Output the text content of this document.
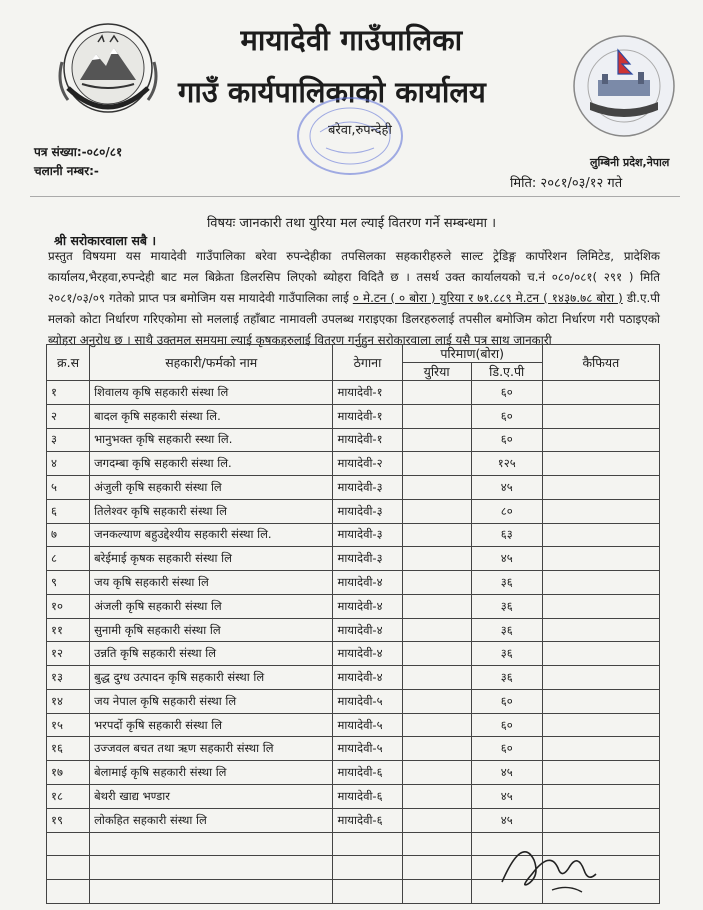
मायादेवी गाउँपालिका
गाउँ कार्यपालिकाको कार्यालय
बरेवा,रुपन्देही
पत्र संख्या:-०८०/८१
चलानी नम्बर:-
लुम्बिनी प्रदेश,नेपाल
मिति: २०८१/०३/१२ गते
विषयः जानकारी तथा युरिया मल ल्याई वितरण गर्ने सम्बन्धमा ।
श्री सरोकारवाला सबै ।
प्रस्तुत विषयमा यस मायादेवी गाउँपालिका बरेवा रुपन्देहीका तपसिलका सहकारीहरुले साल्ट ट्रेडिङ्ग कार्पोरेशन लिमिटेड, प्रादेशिक कार्यालय,भैरहवा,रुपन्देही बाट मल बिक्रेता डिलरसिप लिएको ब्योहरा विदितै छ । तसर्थ उक्त कार्यालयको च.नं ०८०/०८१( २९१ ) मिति २०८१/०३/०९ गतेको प्राप्त पत्र बमोजिम यस मायादेवी गाउँपालिका लाई ० मे.टन ( ० बोरा ) युरिया र ७१.८८९ मे.टन ( १४३७.७८ बोरा ) डी.ए.पी मलको कोटा निर्धारण गरिएकोमा सो मललाई तहाँबाट नामावली उपलब्ध गराइएका डिलरहरुलाई तपसील बमोजिम कोटा निर्धारण गरी पठाइएको ब्योहरा अनुरोध छ । साथै उक्तमल समयमा ल्याई कृषकहरुलाई वितरण गर्नुहुन सरोकारवाला लाई यसै पत्र साथ जानकारी
क्र.स	सहकारी/फर्मको नाम	ठेगाना	परिमाण(बोरा)		कैफियत
			युरिया	डि.ए.पी	
१	शिवालय कृषि सहकारी संस्था लि	मायादेवी-१		६०	
२	बादल कृषि सहकारी संस्था लि.	मायादेवी-१		६०	
३	भानुभक्त कृषि सहकारी स्स्था लि.	मायादेवी-१		६०	
४	जगदम्बा कृषि सहकारी संस्था लि.	मायादेवी-२		१२५	
५	अंजुली कृषि सहकारी संस्था लि	मायादेवी-३		४५	
६	तिलेश्वर कृषि सहकारी संस्था लि	मायादेवी-३		८०	
७	जनकल्याण बहुउद्देश्यीय सहकारी संस्था लि.	मायादेवी-३		६३	
८	बरेईमाई कृषक सहकारी संस्था लि	मायादेवी-३		४५	
९	जय कृषि सहकारी संस्था लि	मायादेवी-४		३६	
१०	अंजली कृषि सहकारी संस्था लि	मायादेवी-४		३६	
११	सुनामी कृषि सहकारी संस्था लि	मायादेवी-४		३६	
१२	उन्नति कृषि सहकारी संस्था लि	मायादेवी-४		३६	
१३	बुद्ध दुग्ध उत्पादन कृषि सहकारी संस्था लि	मायादेवी-४		३६	
१४	जय नेपाल कृषि सहकारी संस्था लि	मायादेवी-५		६०	
१५	भरपर्दो कृषि सहकारी संस्था लि	मायादेवी-५		६०	
१६	उज्जवल बचत तथा ऋण सहकारी संस्था लि	मायादेवी-५		६०	
१७	बेलामाई कृषि सहकारी संस्था लि	मायादेवी-६		४५	
१८	बेथरी खाद्य भण्डार	मायादेवी-६		४५	
१९	लोकहित सहकारी संस्था लि	मायादेवी-६		४५	
